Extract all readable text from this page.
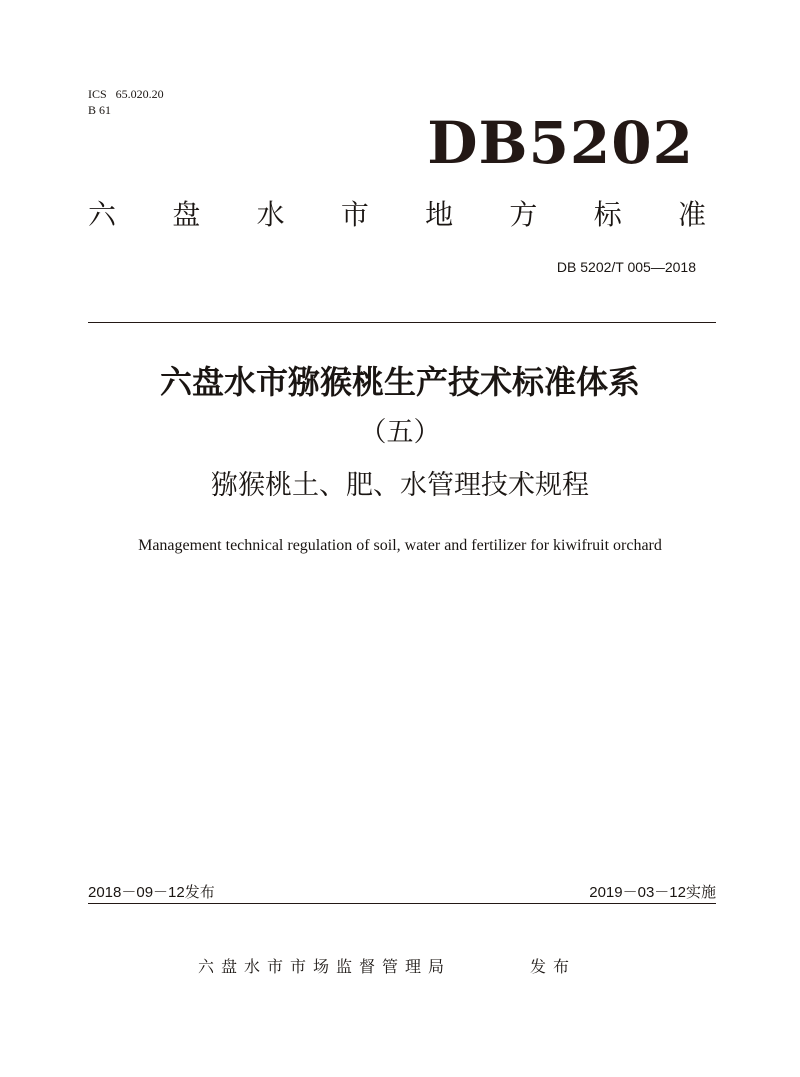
ICS   65.020.20
B 61	DB5202
六 盘 水 市 地 方 标 准
DB 5202/T 005—2018
六盘水市猕猴桃生产技术标准体系
（五）
猕猴桃土、肥、水管理技术规程
Management technical regulation of soil, water and fertilizer for kiwifruit orchard
2018－09－12发布	2019－03－12实施
六盘水市市场监督管理局	发布
